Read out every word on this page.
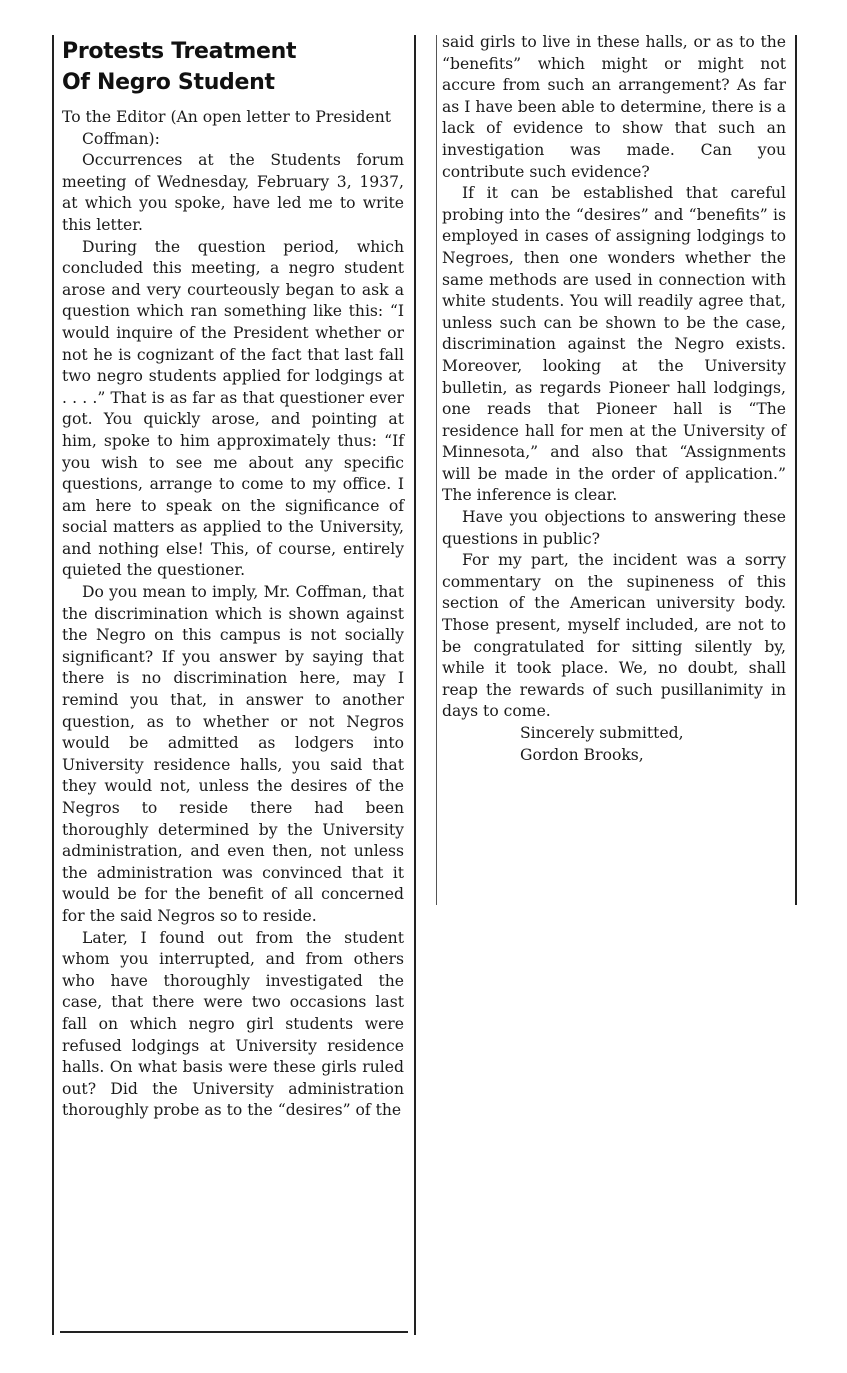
Protests Treatment
Of Negro Student

To the Editor (An open letter to President Coffman):

Occurrences at the Students forum meeting of Wednesday, February 3, 1937, at which you spoke, have led me to write this letter.

During the question period, which concluded this meeting, a negro student arose and very courteously began to ask a question which ran something like this: “I would inquire of the President whether or not he is cognizant of the fact that last fall two negro students applied for lodgings at . . . .” That is as far as that questioner ever got. You quickly arose, and pointing at him, spoke to him approximately thus: “If you wish to see me about any specific questions, arrange to come to my office. I am here to speak on the significance of social matters as applied to the University, and nothing else! This, of course, entirely quieted the questioner.

Do you mean to imply, Mr. Coffman, that the discrimination which is shown against the Negro on this campus is not socially significant? If you answer by saying that there is no discrimination here, may I remind you that, in answer to another question, as to whether or not Negros would be admitted as lodgers into University residence halls, you said that they would not, unless the desires of the Negros to reside there had been thoroughly determined by the University administration, and even then, not unless the administration was convinced that it would be for the benefit of all concerned for the said Negros so to reside.

Later, I found out from the student whom you interrupted, and from others who have thoroughly investigated the case, that there were two occasions last fall on which negro girl students were refused lodgings at University residence halls. On what basis were these girls ruled out? Did the University administration thoroughly probe as to the “desires” of the

said girls to live in these halls, or as to the “benefits” which might or might not accure from such an arrangement? As far as I have been able to determine, there is a lack of evidence to show that such an investigation was made. Can you contribute such evidence?

If it can be established that careful probing into the “desires” and “benefits” is employed in cases of assigning lodgings to Negroes, then one wonders whether the same methods are used in connection with white students. You will readily agree that, unless such can be shown to be the case, discrimination against the Negro exists. Moreover, looking at the University bulletin, as regards Pioneer hall lodgings, one reads that Pioneer hall is “The residence hall for men at the University of Minnesota,” and also that “Assignments will be made in the order of application.” The inference is clear.

Have you objections to answering these questions in public?

For my part, the incident was a sorry commentary on the supineness of this section of the American university body. Those present, myself included, are not to be congratulated for sitting silently by, while it took place. We, no doubt, shall reap the rewards of such pusillanimity in days to come.

Sincerely submitted,

Gordon Brooks,
